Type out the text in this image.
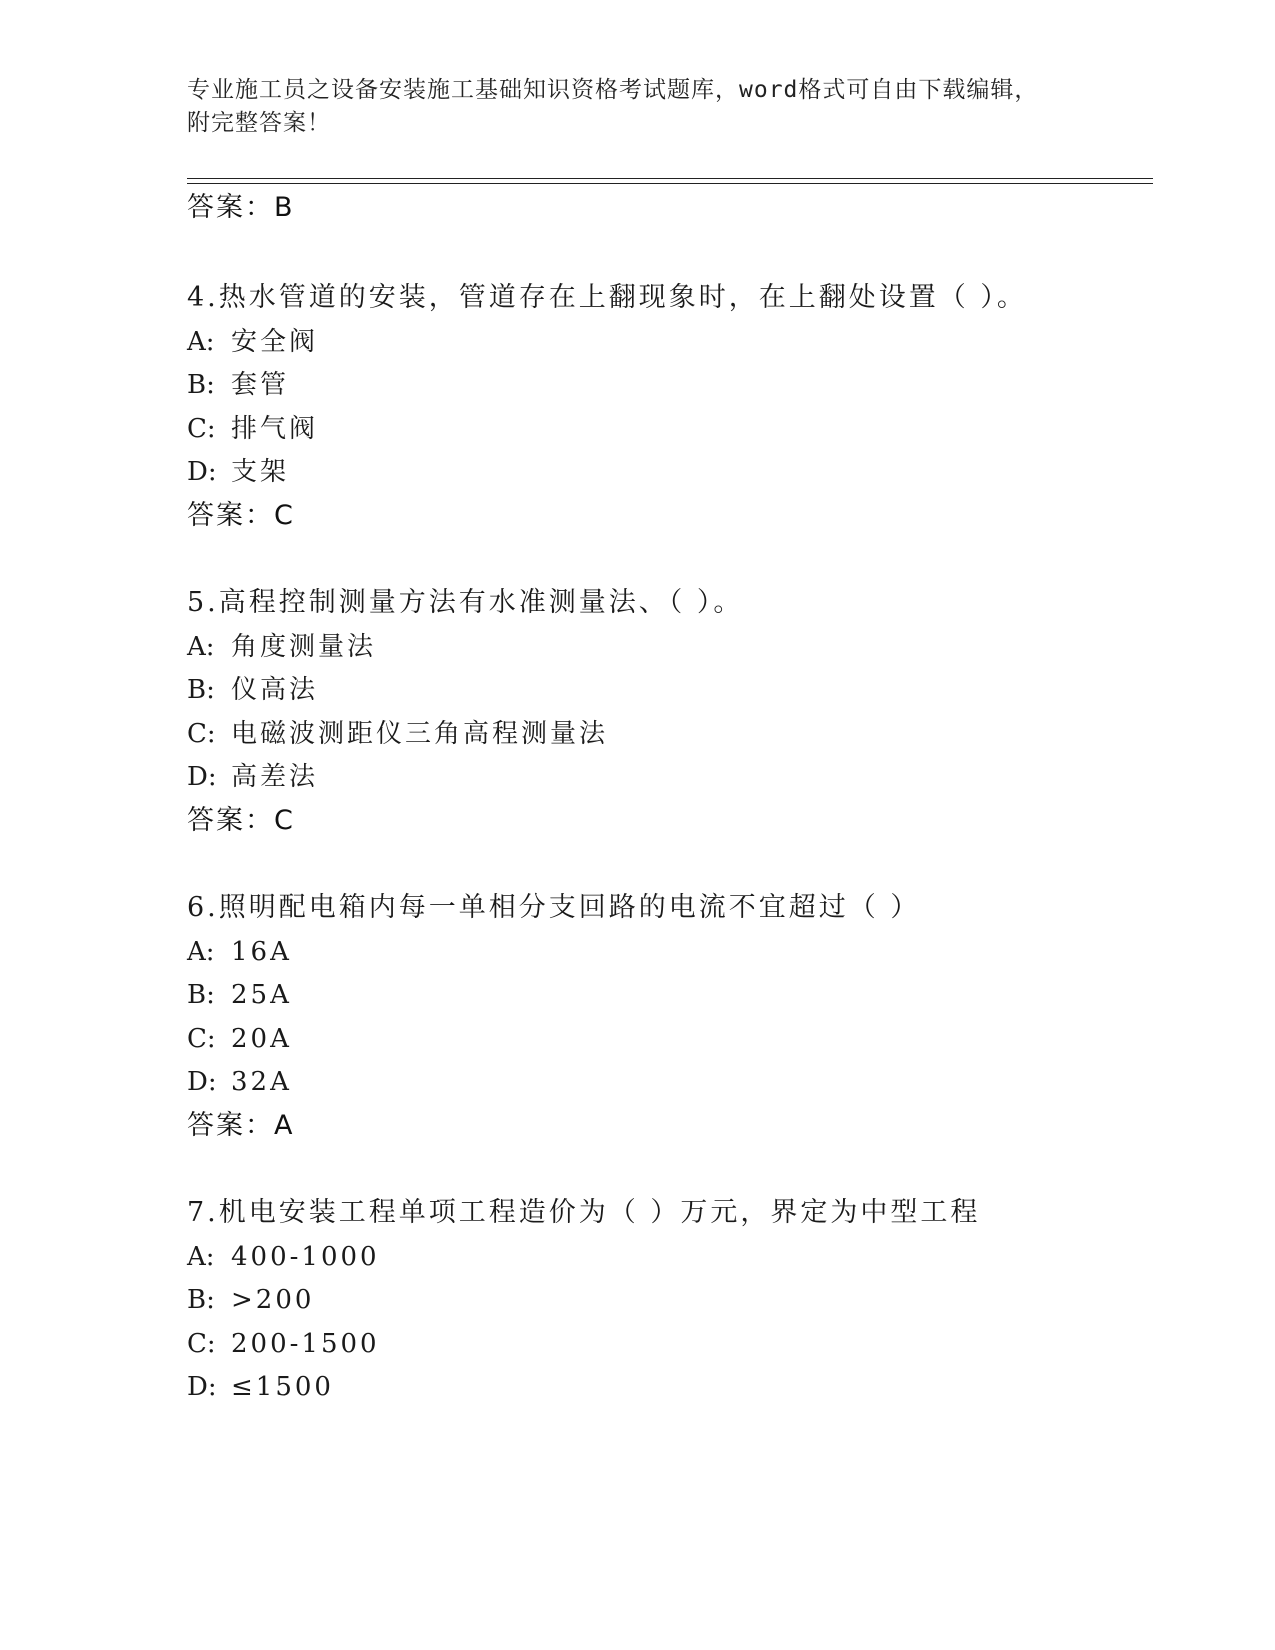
专业施工员之设备安装施工基础知识资格考试题库，word格式可自由下载编辑，
附完整答案！
答案：B
4.热水管道的安装，管道存在上翻现象时，在上翻处设置（ ）。
A: 安全阀
B: 套管
C: 排气阀
D: 支架
答案：C
5.高程控制测量方法有水准测量法、（ ）。
A: 角度测量法
B: 仪高法
C: 电磁波测距仪三角高程测量法
D: 高差法
答案：C
6.照明配电箱内每一单相分支回路的电流不宜超过（ ）
A: 16A
B: 25A
C: 20A
D: 32A
答案：A
7.机电安装工程单项工程造价为（ ）万元，界定为中型工程
A: 400-1000
B: >200
C: 200-1500
D: ≤1500
